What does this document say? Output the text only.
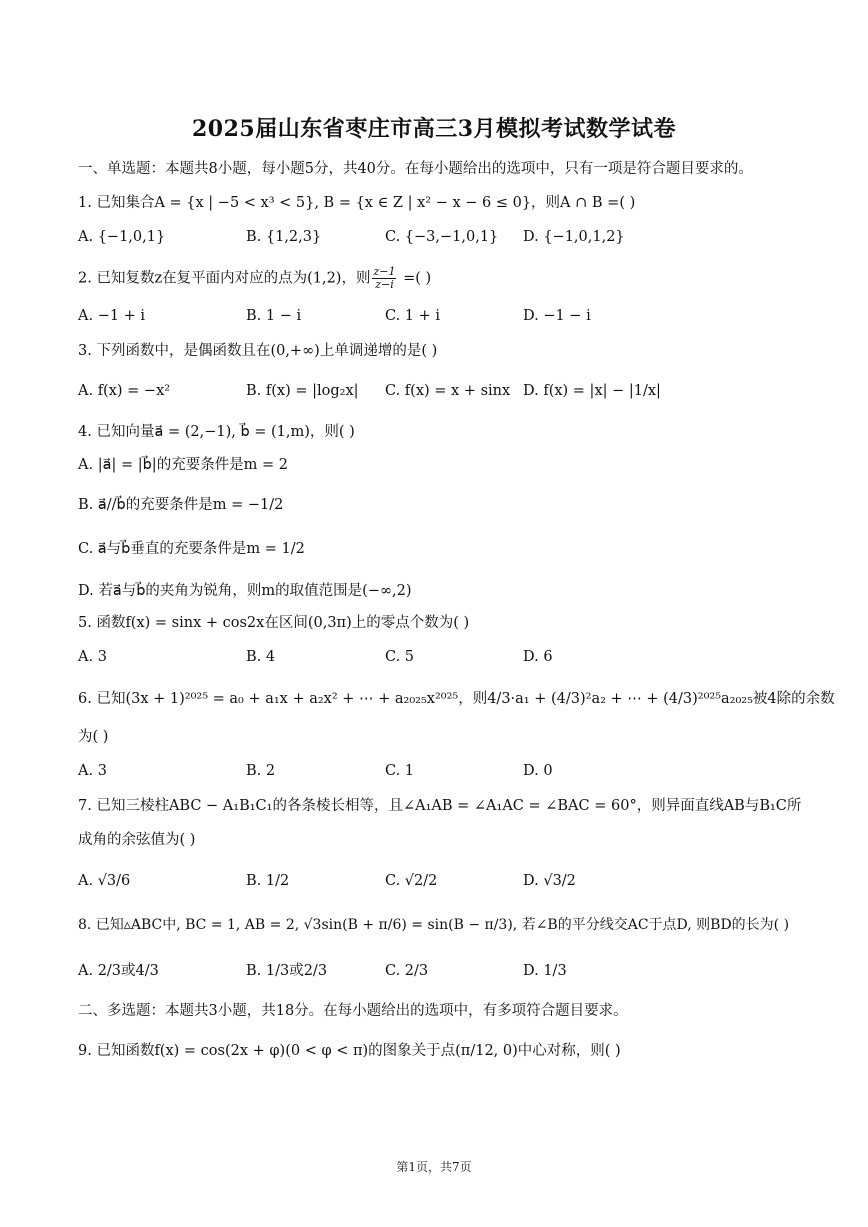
2025届山东省枣庄市高三3月模拟考试数学试卷
一、单选题：本题共8小题，每小题5分，共40分。在每小题给出的选项中，只有一项是符合题目要求的。
1. 已知集合A = {x | −5 < x³ < 5}, B = {x ∈ Z | x² − x − 6 ≤ 0}，则A ∩ B =( )
A. {−1,0,1}	B. {1,2,3}	C. {−3,−1,0,1} D. {−1,0,1,2}
2. 已知复数z在复平面内对应的点为(1,2)，则 $\frac{z-1}{z-i}$ =( )
A. −1 + i	B. 1 − i	C. 1 + i	D. −1 − i
3. 下列函数中，是偶函数且在(0,+∞)上单调递增的是( )
A. f(x) = −x²	B. f(x) = |log₂x| C. f(x) = x + sinx D. f(x) = |x| − |1/x|
4. 已知向量a⃗ = (2,−1), b⃗ = (1,m)，则( )
A. |a⃗| = |b⃗|的充要条件是m = 2
B. a⃗//b⃗的充要条件是m = −1/2
C. a⃗与b⃗垂直的充要条件是m = 1/2
D. 若a⃗与b⃗的夹角为锐角，则m的取值范围是(−∞,2)
5. 函数f(x) = sinx + cos2x在区间(0,3π)上的零点个数为( )
A. 3	B. 4	C. 5	D. 6
6. 已知(3x + 1)²⁰²⁵ = a₀ + a₁x + a₂x² + ⋯ + a₂₀₂₅x²⁰²⁵，则4/3·a₁ + (4/3)²a₂ + ⋯ + (4/3)²⁰²⁵a₂₀₂₅被4除的余数
为( )
A. 3	B. 2	C. 1	D. 0
7. 已知三棱柱ABC − A₁B₁C₁的各条棱长相等，且∠A₁AB = ∠A₁AC = ∠BAC = 60°，则异面直线AB与B₁C所
成角的余弦值为( )
A. √3/6	B. 1/2	C. √2/2	D. √3/2
8. 已知▵ABC中, BC = 1, AB = 2, √3sin(B + π/6) = sin(B − π/3), 若∠B的平分线交AC于点D, 则BD的长为( )
A. 2/3或4/3	B. 1/3或2/3	C. 2/3	D. 1/3
二、多选题：本题共3小题，共18分。在每小题给出的选项中，有多项符合题目要求。
9. 已知函数f(x) = cos(2x + φ)(0 < φ < π)的图象关于点(π/12, 0)中心对称，则( )
第1页，共7页
